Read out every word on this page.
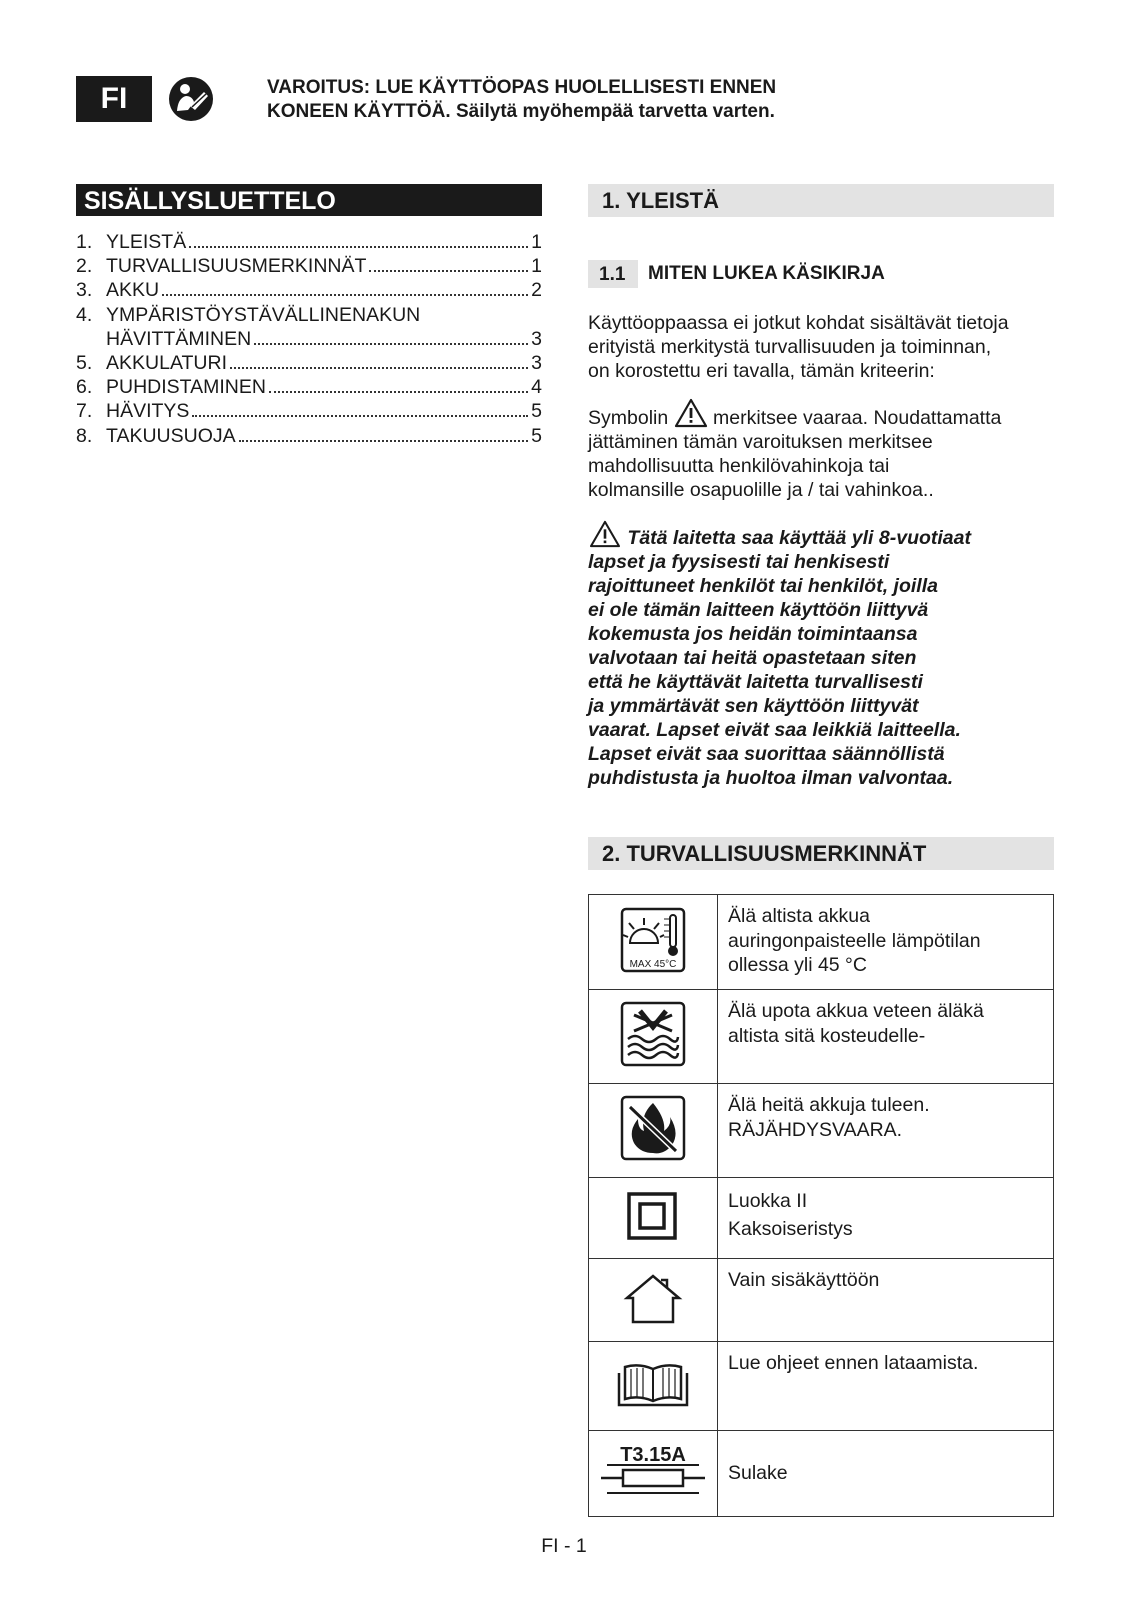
FI	VAROITUS: LUE KÄYTTÖOPAS HUOLELLISESTI ENNEN
KONEEN KÄYTTÖÄ. Säilytä myöhempää tarvetta varten.
SISÄLLYSLUETTELO
1. YLEISTÄ	1
2. TURVALLISUUSMERKINNÄT	1
3. AKKU	2
4. YMPÄRISTÖYSTÄVÄLLINENAKUN
HÄVITTÄMINEN	3
5. AKKULATURI	3
6. PUHDISTAMINEN	4
7. HÄVITYS	5
8. TAKUUSUOJA	5
1. YLEISTÄ
1.1	MITEN LUKEA KÄSIKIRJA
Käyttöoppaassa ei jotkut kohdat sisältävät tietoja
erityistä merkitystä turvallisuuden ja toiminnan,
on korostettu eri tavalla, tämän kriteerin:
Symbolin merkitsee vaaraa. Noudattamatta
jättäminen tämän varoituksen merkitsee
mahdollisuutta henkilövahinkoja tai
kolmansille osapuolille ja / tai vahinkoa..
Tätä laitetta saa käyttää yli 8-vuotiaat
lapset ja fyysisesti tai henkisesti
rajoittuneet henkilöt tai henkilöt, joilla
ei ole tämän laitteen käyttöön liittyvä
kokemusta jos heidän toimintaansa
valvotaan tai heitä opastetaan siten
että he käyttävät laitetta turvallisesti
ja ymmärtävät sen käyttöön liittyvät
vaarat. Lapset eivät saa leikkiä laitteella.
Lapset eivät saa suorittaa säännöllistä
puhdistusta ja huoltoa ilman valvontaa.
2. TURVALLISUUSMERKINNÄT
MAX 45°C	Älä altista akkua
auringonpaisteelle lämpötilan
ollessa yli 45 °C

Älä upota akkua veteen äläkä
altista sitä kosteudelle-

Älä heitä akkuja tuleen.
RÄJÄHDYSVAARA.

Luokka II
Kaksoiseristys

Vain sisäkäyttöön

Lue ohjeet ennen lataamista.

T3.15A	Sulake
FI - 1
